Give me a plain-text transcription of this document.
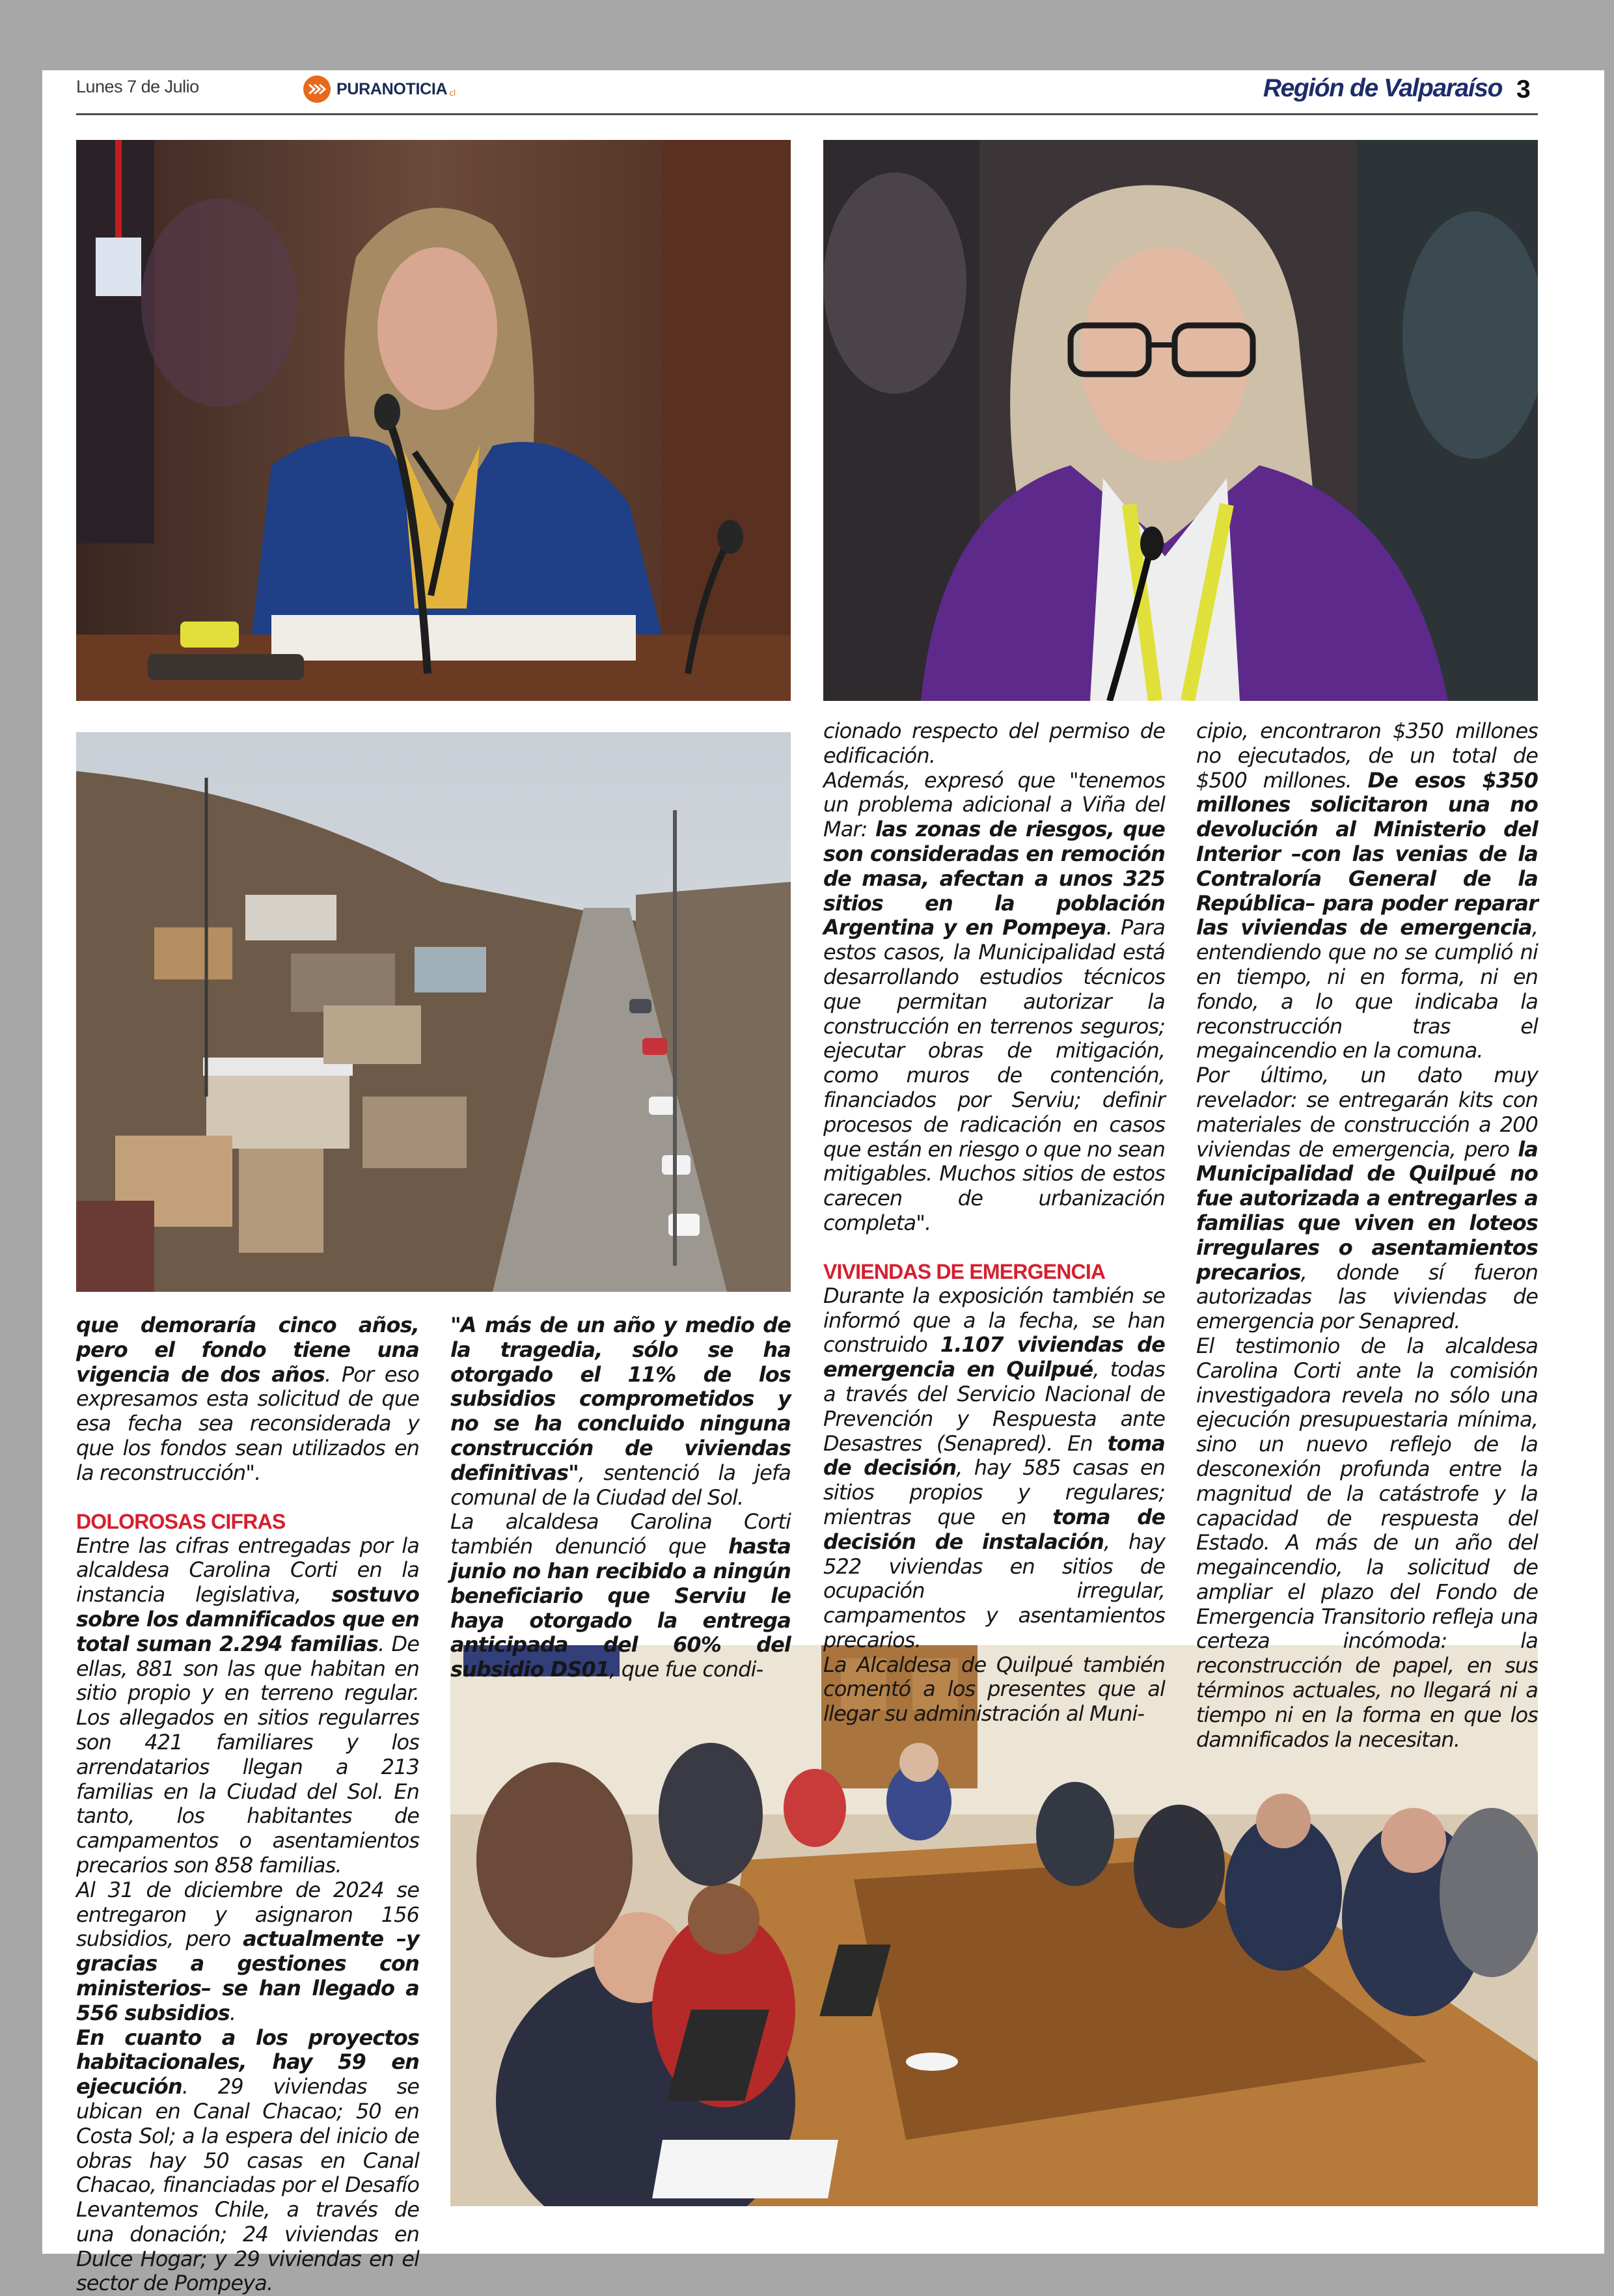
Lunes 7 de Julio	PURANOTICIA cl	Región de Valparaíso 3

que demoraría cinco años, pero el fondo tiene una vigencia de dos años. Por eso expresamos esta solicitud de que esa fecha sea reconsiderada y que los fondos sean utilizados en la reconstrucción".

DOLOROSAS CIFRAS

Entre las cifras entregadas por la alcaldesa Carolina Corti en la instancia legislativa, sostuvo sobre los damnificados que en total suman 2.294 familias. De ellas, 881 son las que habitan en sitio propio y en terreno regular. Los allegados en sitios regularres son 421 familiares y los arrendatarios llegan a 213 familias en la Ciudad del Sol. En tanto, los habitantes de campamentos o asentamientos precarios son 858 familias.

Al 31 de diciembre de 2024 se entregaron y asignaron 156 subsidios, pero actualmente –y gracias a gestiones con ministerios– se han llegado a 556 subsidios.

En cuanto a los proyectos habitacionales, hay 59 en ejecución. 29 viviendas se ubican en Canal Chacao; 50 en Costa Sol; a la espera del inicio de obras hay 50 casas en Canal Chacao, financiadas por el Desafío Levantemos Chile, a través de una donación; 24 viviendas en Dulce Hogar; y 29 viviendas en el sector de Pompeya.

"A más de un año y medio de la tragedia, sólo se ha otorgado el 11% de los subsidios comprometidos y no se ha concluido ninguna construcción de viviendas definitivas", sentenció la jefa comunal de la Ciudad del Sol.

La alcaldesa Carolina Corti también denunció que hasta junio no han recibido a ningún beneficiario que Serviu le haya otorgado la entrega anticipada del 60% del subsidio DS01, que fue condi-

cionado respecto del permiso de edificación.

Además, expresó que "tenemos un problema adicional a Viña del Mar: las zonas de riesgos, que son consideradas en remoción de masa, afectan a unos 325 sitios en la población Argentina y en Pompeya. Para estos casos, la Municipalidad está desarrollando estudios técnicos que permitan autorizar la construcción en terrenos seguros; ejecutar obras de mitigación, como muros de contención, financiados por Serviu; definir procesos de radicación en casos que están en riesgo o que no sean mitigables. Muchos sitios de estos carecen de urbanización completa".

VIVIENDAS DE EMERGENCIA

Durante la exposición también se informó que a la fecha, se han construido 1.107 viviendas de emergencia en Quilpué, todas a través del Servicio Nacional de Prevención y Respuesta ante Desastres (Senapred). En toma de decisión, hay 585 casas en sitios propios y regulares; mientras que en toma de decisión de instalación, hay 522 viviendas en sitios de ocupación irregular, campamentos y asentamientos precarios.

La Alcaldesa de Quilpué también comentó a los presentes que al llegar su administración al Muni-

cipio, encontraron $350 millones no ejecutados, de un total de $500 millones. De esos $350 millones solicitaron una no devolución al Ministerio del Interior –con las venias de la Contraloría General de la República– para poder reparar las viviendas de emergencia, entendiendo que no se cumplió ni en tiempo, ni en forma, ni en fondo, a lo que indicaba la reconstrucción tras el megaincendio en la comuna.

Por último, un dato muy revelador: se entregarán kits con materiales de construcción a 200 viviendas de emergencia, pero la Municipalidad de Quilpué no fue autorizada a entregarles a familias que viven en loteos irregulares o asentamientos precarios, donde sí fueron autorizadas las viviendas de emergencia por Senapred.

El testimonio de la alcaldesa Carolina Corti ante la comisión investigadora revela no sólo una ejecución presupuestaria mínima, sino un nuevo reflejo de la desconexión profunda entre la magnitud de la catástrofe y la capacidad de respuesta del Estado. A más de un año del megaincendio, la solicitud de ampliar el plazo del Fondo de Emergencia Transitorio refleja una certeza incómoda: la reconstrucción de papel, en sus términos actuales, no llegará ni a tiempo ni en la forma en que los damnificados la necesitan.
